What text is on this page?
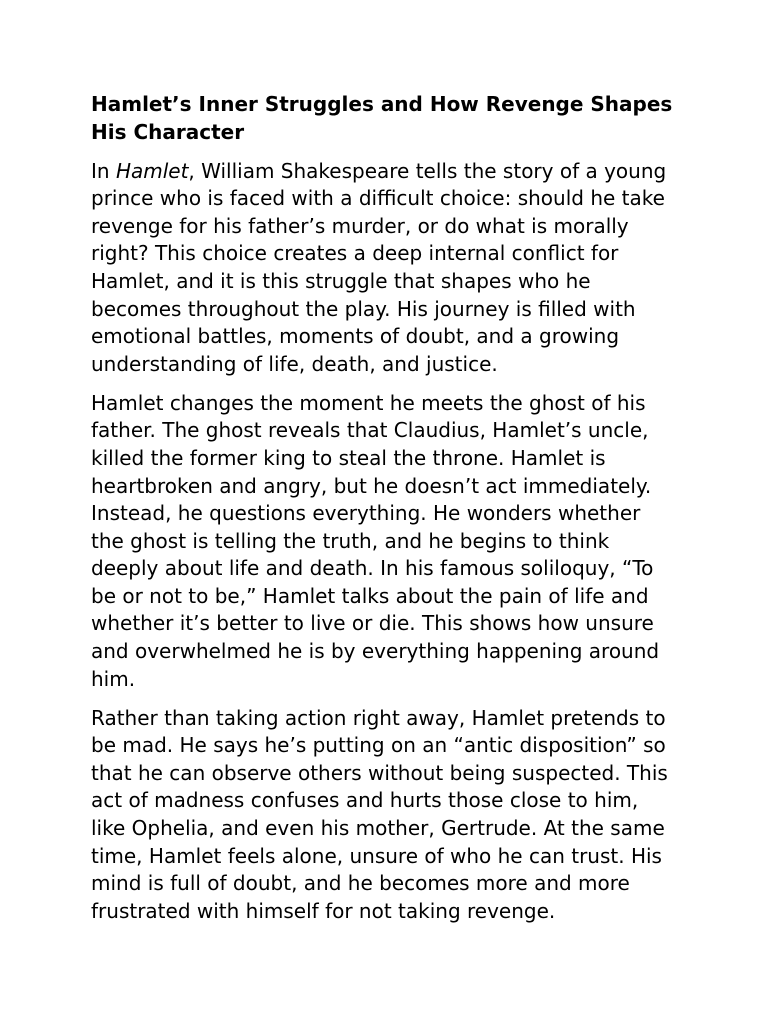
Hamlet’s Inner Struggles and How Revenge Shapes
His Character
In Hamlet, William Shakespeare tells the story of a young
prince who is faced with a difficult choice: should he take
revenge for his father’s murder, or do what is morally
right? This choice creates a deep internal conflict for
Hamlet, and it is this struggle that shapes who he
becomes throughout the play. His journey is filled with
emotional battles, moments of doubt, and a growing
understanding of life, death, and justice.
Hamlet changes the moment he meets the ghost of his
father. The ghost reveals that Claudius, Hamlet’s uncle,
killed the former king to steal the throne. Hamlet is
heartbroken and angry, but he doesn’t act immediately.
Instead, he questions everything. He wonders whether
the ghost is telling the truth, and he begins to think
deeply about life and death. In his famous soliloquy, “To
be or not to be,” Hamlet talks about the pain of life and
whether it’s better to live or die. This shows how unsure
and overwhelmed he is by everything happening around
him.
Rather than taking action right away, Hamlet pretends to
be mad. He says he’s putting on an “antic disposition” so
that he can observe others without being suspected. This
act of madness confuses and hurts those close to him,
like Ophelia, and even his mother, Gertrude. At the same
time, Hamlet feels alone, unsure of who he can trust. His
mind is full of doubt, and he becomes more and more
frustrated with himself for not taking revenge.
